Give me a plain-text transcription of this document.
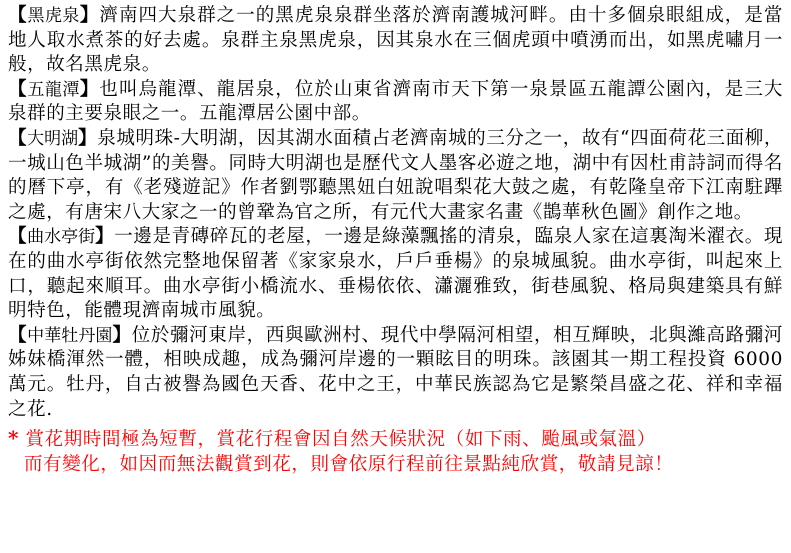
【黑虎泉】濟南四大泉群之一的黑虎泉泉群坐落於濟南護城河畔。由十多個泉眼組成，是當地人取水煮茶的好去處。泉群主泉黑虎泉，因其泉水在三個虎頭中噴湧而出，如黑虎嘯月一般，故名黑虎泉。

【五龍潭】也叫烏龍潭、龍居泉，位於山東省濟南市天下第一泉景區五龍譚公園內，是三大泉群的主要泉眼之一。五龍潭居公園中部。

【大明湖】泉城明珠-大明湖，因其湖水面積占老濟南城的三分之一，故有“四面荷花三面柳，一城山色半城湖”的美譽。同時大明湖也是歷代文人墨客必遊之地，湖中有因杜甫詩詞而得名的曆下亭，有《老殘遊記》作者劉鄂聽黑妞白妞說唱梨花大鼓之處，有乾隆皇帝下江南駐蹕之處，有唐宋八大家之一的曾鞏為官之所，有元代大畫家名畫《鵲華秋色圖》創作之地。

【曲水亭街】一邊是青磚碎瓦的老屋，一邊是綠藻飄搖的清泉，臨泉人家在這裏淘米濯衣。現在的曲水亭街依然完整地保留著《家家泉水，戶戶垂楊》的泉城風貌。曲水亭街，叫起來上口，聽起來順耳。曲水亭街小橋流水、垂楊依依、瀟灑雅致，街巷風貌、格局與建築具有鮮明特色，能體現濟南城市風貌。

【中華牡丹園】位於彌河東岸，西與歐洲村、現代中學隔河相望，相互輝映，北與濰高路彌河姊妹橋渾然一體，相映成趣，成為彌河岸邊的一顆眩目的明珠。該園其一期工程投資 6000 萬元。牡丹，自古被譽為國色天香、花中之王，中華民族認為它是繁榮昌盛之花、祥和幸福之花.

* 賞花期時間極為短暫，賞花行程會因自然天候狀況（如下雨、颱風或氣溫）
而有變化，如因而無法觀賞到花，則會依原行程前往景點純欣賞，敬請見諒！
